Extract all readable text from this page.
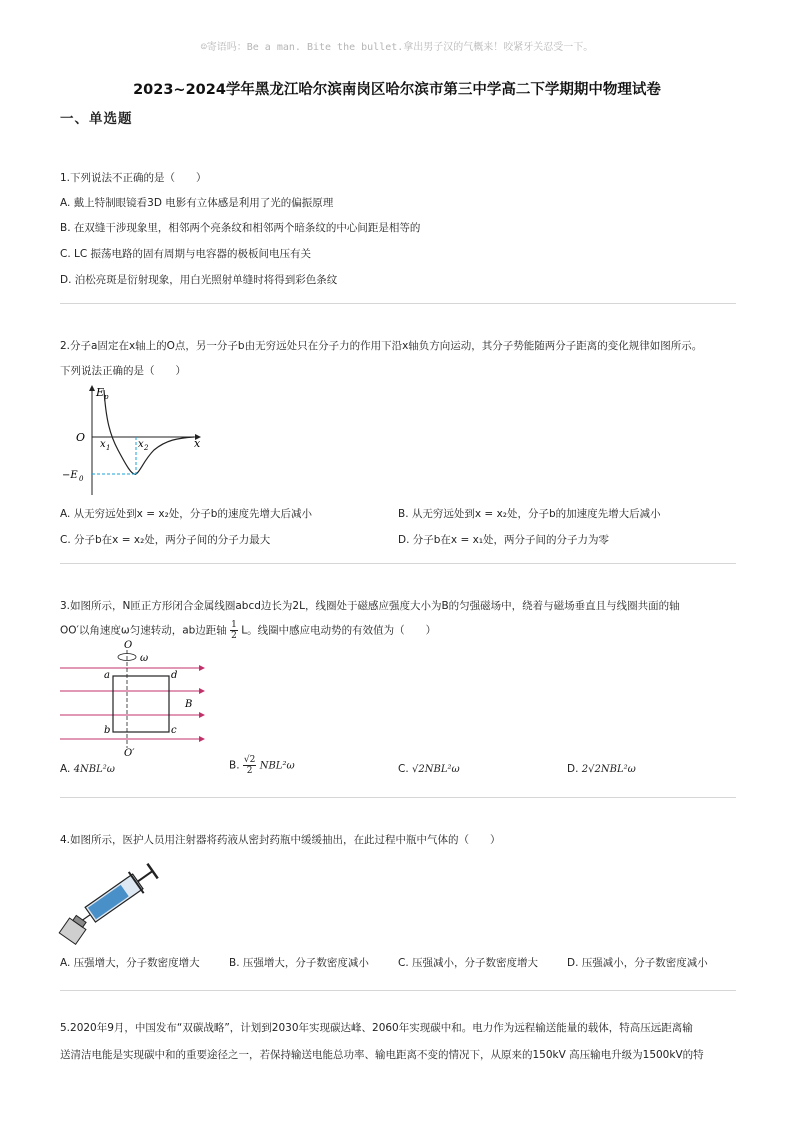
☺寄语吗：Be a man. Bite the bullet.拿出男子汉的气概来！咬紧牙关忍受一下。
2023~2024学年黑龙江哈尔滨南岗区哈尔滨市第三中学高二下学期期中物理试卷
一、单选题
1.下列说法不正确的是（　　）
A. 戴上特制眼镜看3D 电影有立体感是利用了光的偏振原理
B. 在双缝干涉现象里，相邻两个亮条纹和相邻两个暗条纹的中心间距是相等的
C. LC 振荡电路的固有周期与电容器的极板间电压有关
D. 泊松亮斑是衍射现象，用白光照射单缝时将得到彩色条纹
2.分子a固定在x轴上的O点，另一分子b由无穷远处只在分子力的作用下沿x轴负方向运动，其分子势能随两分子距离的变化规律如图所示。
下列说法正确的是（　　）
E p
O	x
x 1	x 2
−E 0
A. 从无穷远处到x = x₂处，分子b的速度先增大后减小	B. 从无穷远处到x = x₂处，分子b的加速度先增大后减小
C. 分子b在x = x₂处，两分子间的分子力最大	D. 分子b在x = x₁处，两分子间的分子力为零
3.如图所示，N匝正方形闭合金属线圈abcd边长为2L，线圈处于磁感应强度大小为B的匀强磁场中，绕着与磁场垂直且与线圈共面的轴
OO′以角速度ω匀速转动，ab边距轴 $\frac{1}{2}$ L。线圈中感应电动势的有效值为（　　）
O
ω
a	d
b	c
B
O′
A. 4NBL²ω	B. $\frac{√2}{2} NBL^2\omega$	C. √2NBL²ω	D. 2√2NBL²ω
4.如图所示，医护人员用注射器将药液从密封药瓶中缓缓抽出，在此过程中瓶中气体的（　　）
A. 压强增大，分子数密度增大	B. 压强增大，分子数密度减小	C. 压强减小，分子数密度增大	D. 压强减小，分子数密度减小
5.2020年9月，中国发布“双碳战略”，计划到2030年实现碳达峰、2060年实现碳中和。电力作为远程输送能量的载体，特高压远距离输
送清洁电能是实现碳中和的重要途径之一，若保持输送电能总功率、输电距离不变的情况下，从原来的150kV 高压输电升级为1500kV的特
